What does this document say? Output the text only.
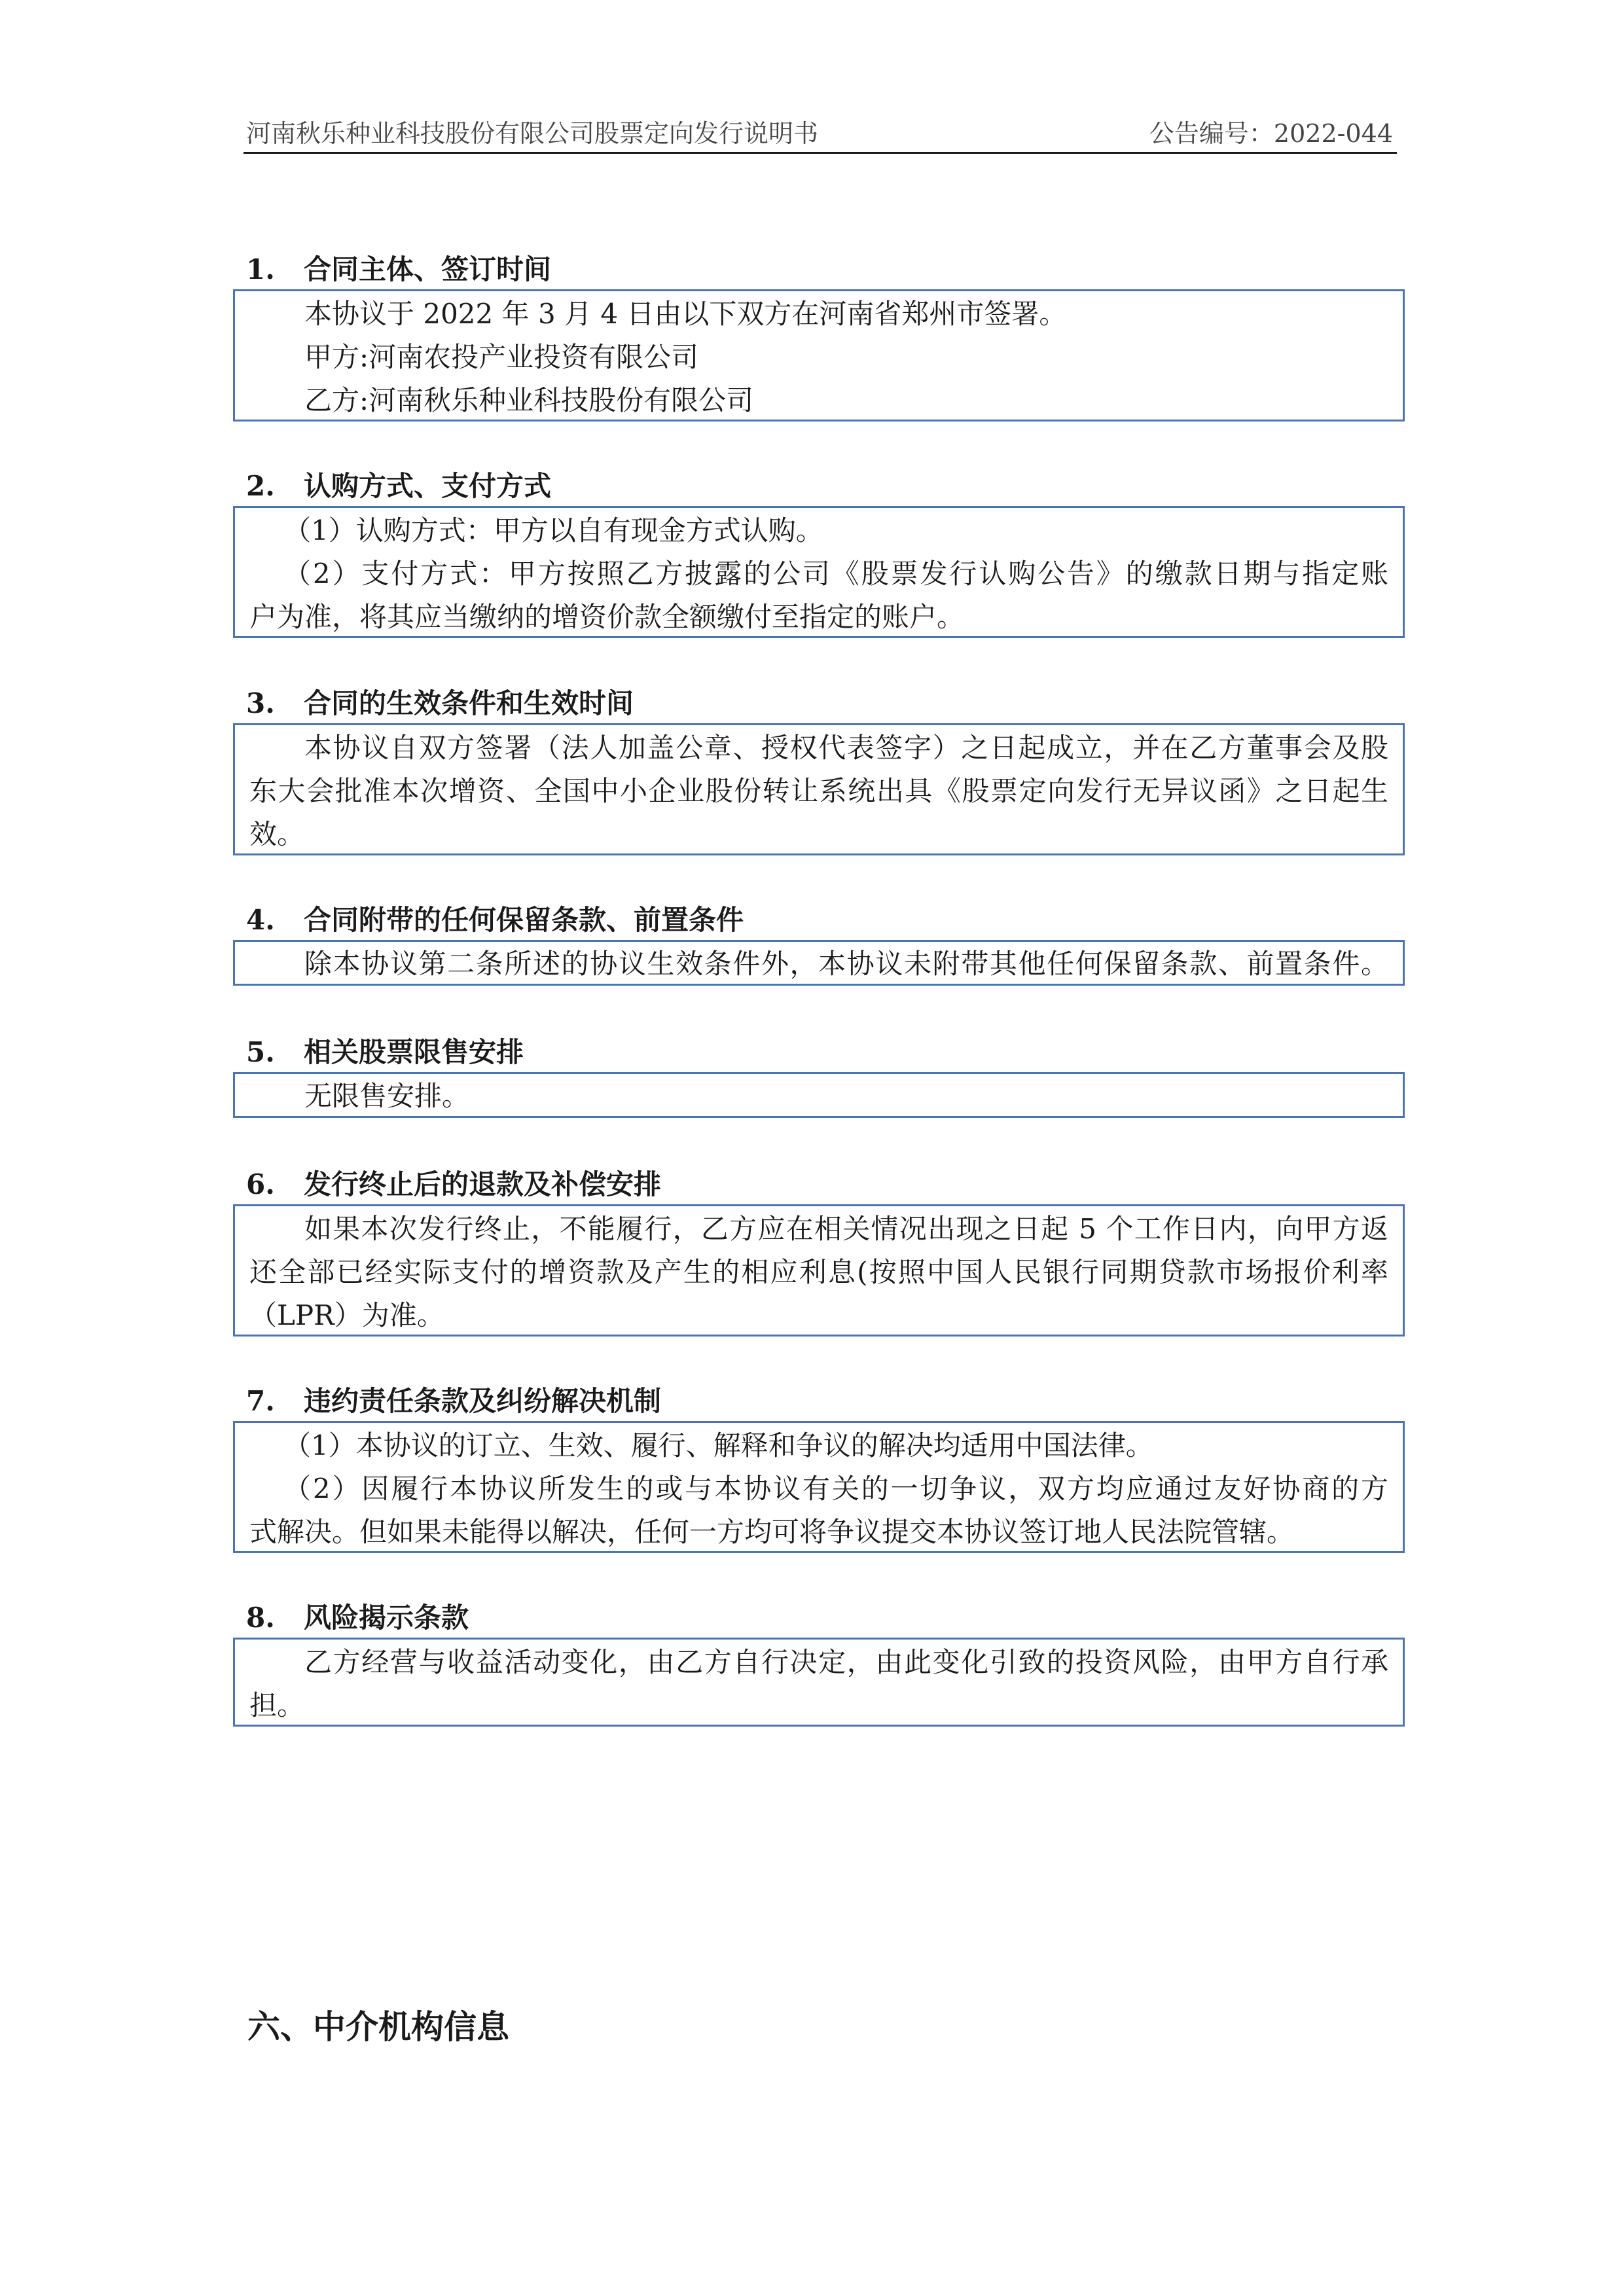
河南秋乐种业科技股份有限公司股票定向发行说明书	公告编号：2022-044
1. 合同主体、签订时间
本协议于 2022 年 3 月 4 日由以下双方在河南省郑州市签署。
甲方:河南农投产业投资有限公司
乙方:河南秋乐种业科技股份有限公司
2. 认购方式、支付方式
（1）认购方式：甲方以自有现金方式认购。
（2）支付方式：甲方按照乙方披露的公司《股票发行认购公告》的缴款日期与指定账
户为准，将其应当缴纳的增资价款全额缴付至指定的账户。
3. 合同的生效条件和生效时间
本协议自双方签署（法人加盖公章、授权代表签字）之日起成立，并在乙方董事会及股
东大会批准本次增资、全国中小企业股份转让系统出具《股票定向发行无异议函》之日起生
效。
4. 合同附带的任何保留条款、前置条件
除本协议第二条所述的协议生效条件外，本协议未附带其他任何保留条款、前置条件。
5. 相关股票限售安排
无限售安排。
6. 发行终止后的退款及补偿安排
如果本次发行终止，不能履行，乙方应在相关情况出现之日起 5 个工作日内，向甲方返
还全部已经实际支付的增资款及产生的相应利息(按照中国人民银行同期贷款市场报价利率
（LPR）为准。
7. 违约责任条款及纠纷解决机制
（1）本协议的订立、生效、履行、解释和争议的解决均适用中国法律。
（2）因履行本协议所发生的或与本协议有关的一切争议，双方均应通过友好协商的方
式解决。但如果未能得以解决，任何一方均可将争议提交本协议签订地人民法院管辖。
8. 风险揭示条款
乙方经营与收益活动变化，由乙方自行决定，由此变化引致的投资风险，由甲方自行承
担。
六、中介机构信息
